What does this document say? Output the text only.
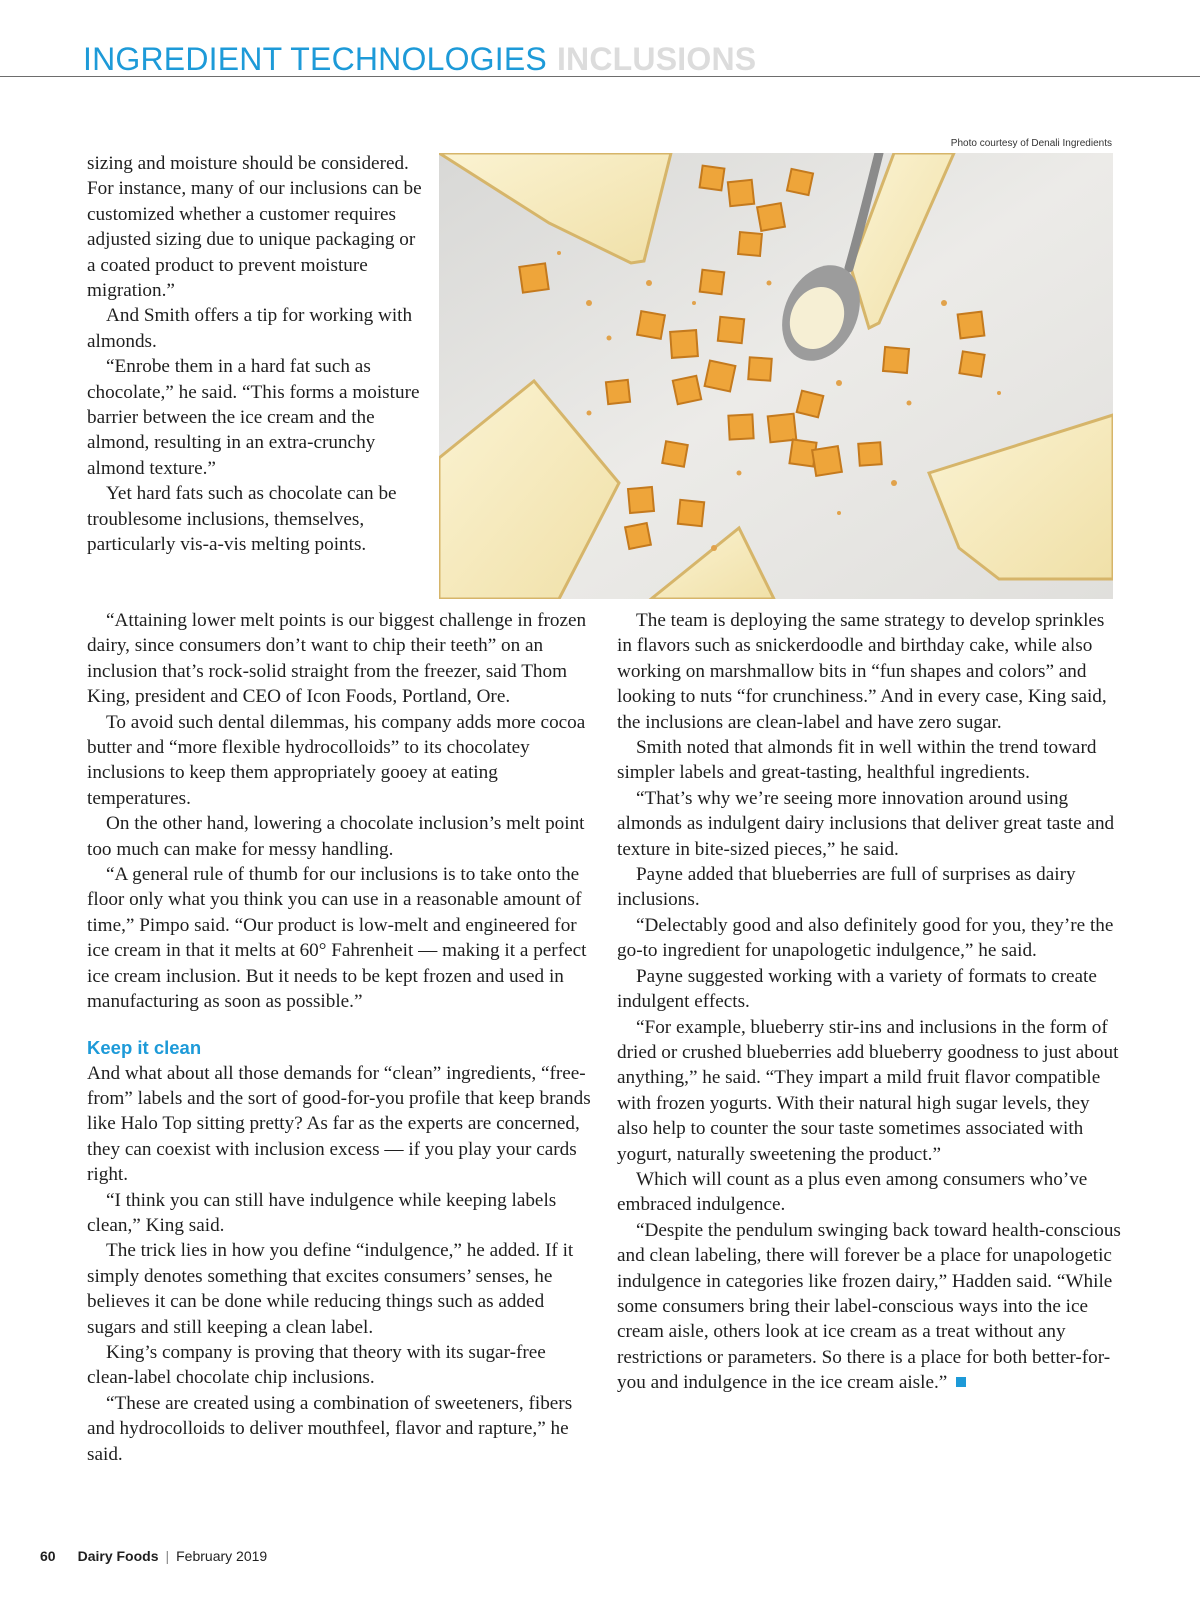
INGREDIENT TECHNOLOGIES INCLUSIONS
Photo courtesy of Denali Ingredients

sizing and moisture should be considered. For instance, many of our inclusions can be customized whether a customer requires adjusted sizing due to unique packaging or a coated product to prevent moisture migration.”

And Smith offers a tip for working with almonds.

“Enrobe them in a hard fat such as chocolate,” he said. “This forms a moisture barrier between the ice cream and the almond, resulting in an extra-crunchy almond texture.”

Yet hard fats such as chocolate can be troublesome inclusions, themselves, particularly vis-a-vis melting points.

“Attaining lower melt points is our biggest challenge in frozen dairy, since consumers don’t want to chip their teeth” on an inclusion that’s rock-solid straight from the freezer, said Thom King, president and CEO of Icon Foods, Portland, Ore.

To avoid such dental dilemmas, his company adds more cocoa butter and “more flexible hydrocolloids” to its chocolatey inclusions to keep them appropriately gooey at eating temperatures.

On the other hand, lowering a chocolate inclusion’s melt point too much can make for messy handling.

“A general rule of thumb for our inclusions is to take onto the floor only what you think you can use in a reasonable amount of time,” Pimpo said. “Our product is low-melt and engineered for ice cream in that it melts at 60° Fahrenheit — making it a perfect ice cream inclusion. But it needs to be kept frozen and used in manufacturing as soon as possible.”

Keep it clean

And what about all those demands for “clean” ingredients, “free-from” labels and the sort of good-for-you profile that keep brands like Halo Top sitting pretty? As far as the experts are concerned, they can coexist with inclusion excess — if you play your cards right.

“I think you can still have indulgence while keeping labels clean,” King said.

The trick lies in how you define “indulgence,” he added. If it simply denotes something that excites consumers’ senses, he believes it can be done while reducing things such as added sugars and still keeping a clean label.

King’s company is proving that theory with its sugar-free clean-label chocolate chip inclusions.

“These are created using a combination of sweeteners, fibers and hydrocolloids to deliver mouthfeel, flavor and rapture,” he said.

The team is deploying the same strategy to develop sprinkles in flavors such as snickerdoodle and birthday cake, while also working on marshmallow bits in “fun shapes and colors” and looking to nuts “for crunchiness.” And in every case, King said, the inclusions are clean-label and have zero sugar.

Smith noted that almonds fit in well within the trend toward simpler labels and great-tasting, healthful ingredients.

“That’s why we’re seeing more innovation around using almonds as indulgent dairy inclusions that deliver great taste and texture in bite-sized pieces,” he said.

Payne added that blueberries are full of surprises as dairy inclusions.

“Delectably good and also definitely good for you, they’re the go-to ingredient for unapologetic indulgence,” he said.

Payne suggested working with a variety of formats to create indulgent effects.

“For example, blueberry stir-ins and inclusions in the form of dried or crushed blueberries add blueberry goodness to just about anything,” he said. “They impart a mild fruit flavor compatible with frozen yogurts. With their natural high sugar levels, they also help to counter the sour taste sometimes associated with yogurt, naturally sweetening the product.”

Which will count as a plus even among consumers who’ve embraced indulgence.

“Despite the pendulum swinging back toward health-conscious and clean labeling, there will forever be a place for unapologetic indulgence in categories like frozen dairy,” Hadden said. “While some consumers bring their label-conscious ways into the ice cream aisle, others look at ice cream as a treat without any restrictions or parameters. So there is a place for both better-for-you and indulgence in the ice cream aisle.”

60 Dairy Foods | February 2019
